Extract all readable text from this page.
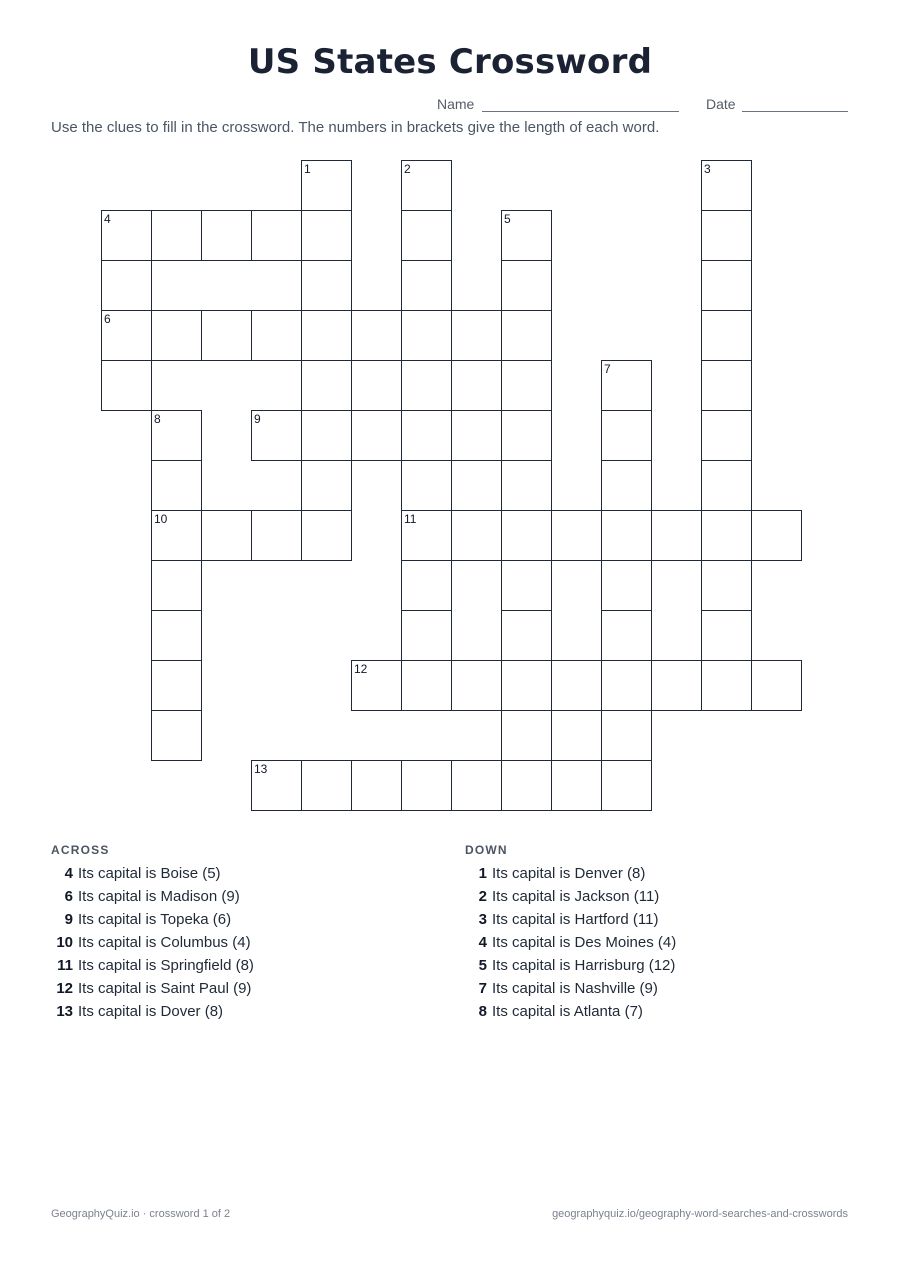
US States Crossword
Name	Date
Use the clues to fill in the crossword. The numbers in brackets give the length of each word.
4
6
9
10	11
12
13
1	2	3
5
7
8
ACROSS
4 Its capital is Boise (5)
6 Its capital is Madison (9)
9 Its capital is Topeka (6)
10 Its capital is Columbus (4)
11 Its capital is Springfield (8)
12 Its capital is Saint Paul (9)
13 Its capital is Dover (8)
DOWN
1 Its capital is Denver (8)
2 Its capital is Jackson (11)
3 Its capital is Hartford (11)
4 Its capital is Des Moines (4)
5 Its capital is Harrisburg (12)
7 Its capital is Nashville (9)
8 Its capital is Atlanta (7)
GeographyQuiz.io · crossword 1 of 2	geographyquiz.io/geography-word-searches-and-crosswords
